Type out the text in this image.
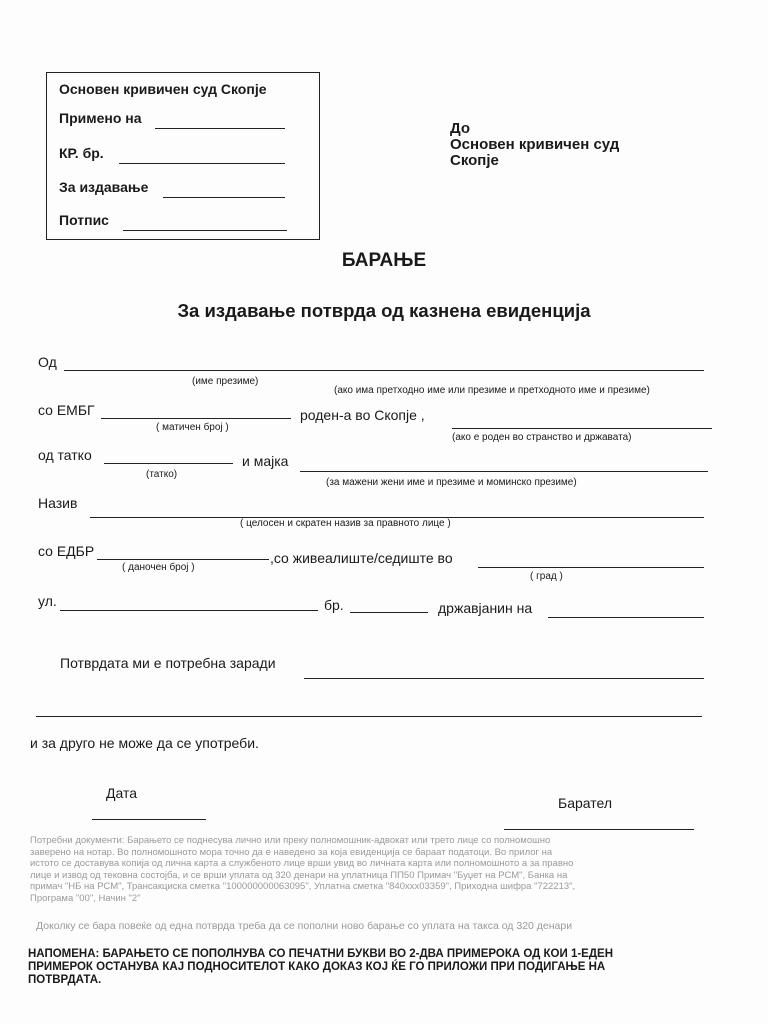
Основен кривичен суд Скопје
Примено на
КР. бр.
За издавање
Потпис
До
Основен кривичен суд
Скопје
БАРАЊЕ
За издавање потврда од казнена евиденција
Од
(име презиме)
(ако има претходно име или презиме и претходното име и презиме)
со ЕМБГ
( матичен број )
роден-а во Скопје ,
(ако е роден во странство и државата)
од татко
(татко)
и мајка
(за мажени жени име и презиме и моминско презиме)
Назив
( целосен и скратен назив за правното лице )
со ЕДБР
( даночен број )
,со живеалиште/седиште во
( град )
ул.	бр.	државјанин на
Потврдата ми е потребна заради
и за друго не може да се употреби.
Дата
Барател
Потребни документи: Барањето се поднесува лично или преку полномошник-адвокат или трето лице со полномошно
заверено на нотар. Во полномошното мора точно да е наведено за која евиденција се бараат податоци. Во прилог на
истото се доставува копија од лична карта а службеното лице врши увид во личната карта или полномошното а за правно
лице и извод од тековна состојба, и се врши уплата од 320 денари на уплатница ПП50 Примач "Буџет на РСМ", Банка на
примач "НБ на РСМ", Трансакциска сметка "100000000063095", Уплатна сметка "840xxx03359", Приходна шифра "722213",
Програма "00", Начин "2"
Доколку се бара повеќе од една потврда треба да се пополни ново барање со уплата на такса од 320 денари
НАПОМЕНА: БАРАЊЕТО СЕ ПОПОЛНУВА СО ПЕЧАТНИ БУКВИ ВО 2-ДВА ПРИМЕРОКА ОД КОИ 1-ЕДЕН
ПРИМЕРОК ОСТАНУВА КАЈ ПОДНОСИТЕЛОТ КАКО ДОКАЗ КОЈ ЌЕ ГО ПРИЛОЖИ ПРИ ПОДИГАЊЕ НА
ПОТВРДАТА.
